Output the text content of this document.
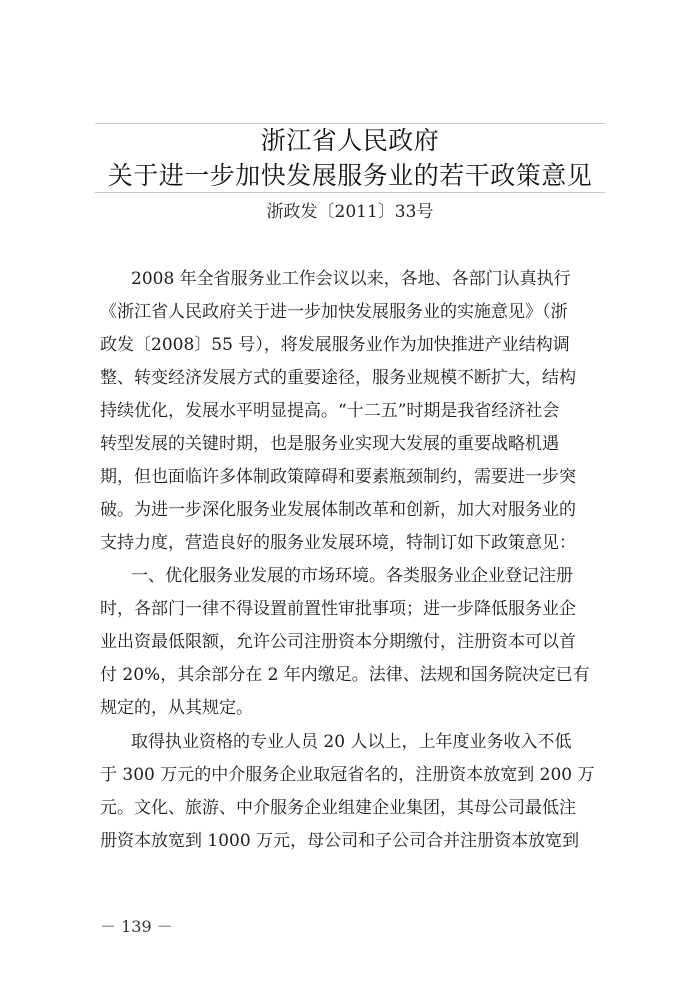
浙江省人民政府
关于进一步加快发展服务业的若干政策意见
浙政发〔2011〕33号
2008 年全省服务业工作会议以来，各地、各部门认真执行
《浙江省人民政府关于进一步加快发展服务业的实施意见》（浙
政发〔2008〕55 号），将发展服务业作为加快推进产业结构调
整、转变经济发展方式的重要途径，服务业规模不断扩大，结构
持续优化，发展水平明显提高。“十二五”时期是我省经济社会
转型发展的关键时期，也是服务业实现大发展的重要战略机遇
期，但也面临许多体制政策障碍和要素瓶颈制约，需要进一步突
破。为进一步深化服务业发展体制改革和创新，加大对服务业的
支持力度，营造良好的服务业发展环境，特制订如下政策意见：
一、优化服务业发展的市场环境。各类服务业企业登记注册
时，各部门一律不得设置前置性审批事项；进一步降低服务业企
业出资最低限额，允许公司注册资本分期缴付，注册资本可以首
付 20%，其余部分在 2 年内缴足。法律、法规和国务院决定已有
规定的，从其规定。
取得执业资格的专业人员 20 人以上，上年度业务收入不低
于 300 万元的中介服务企业取冠省名的，注册资本放宽到 200 万
元。文化、旅游、中介服务企业组建企业集团，其母公司最低注
册资本放宽到 1000 万元，母公司和子公司合并注册资本放宽到
－ 139 －
